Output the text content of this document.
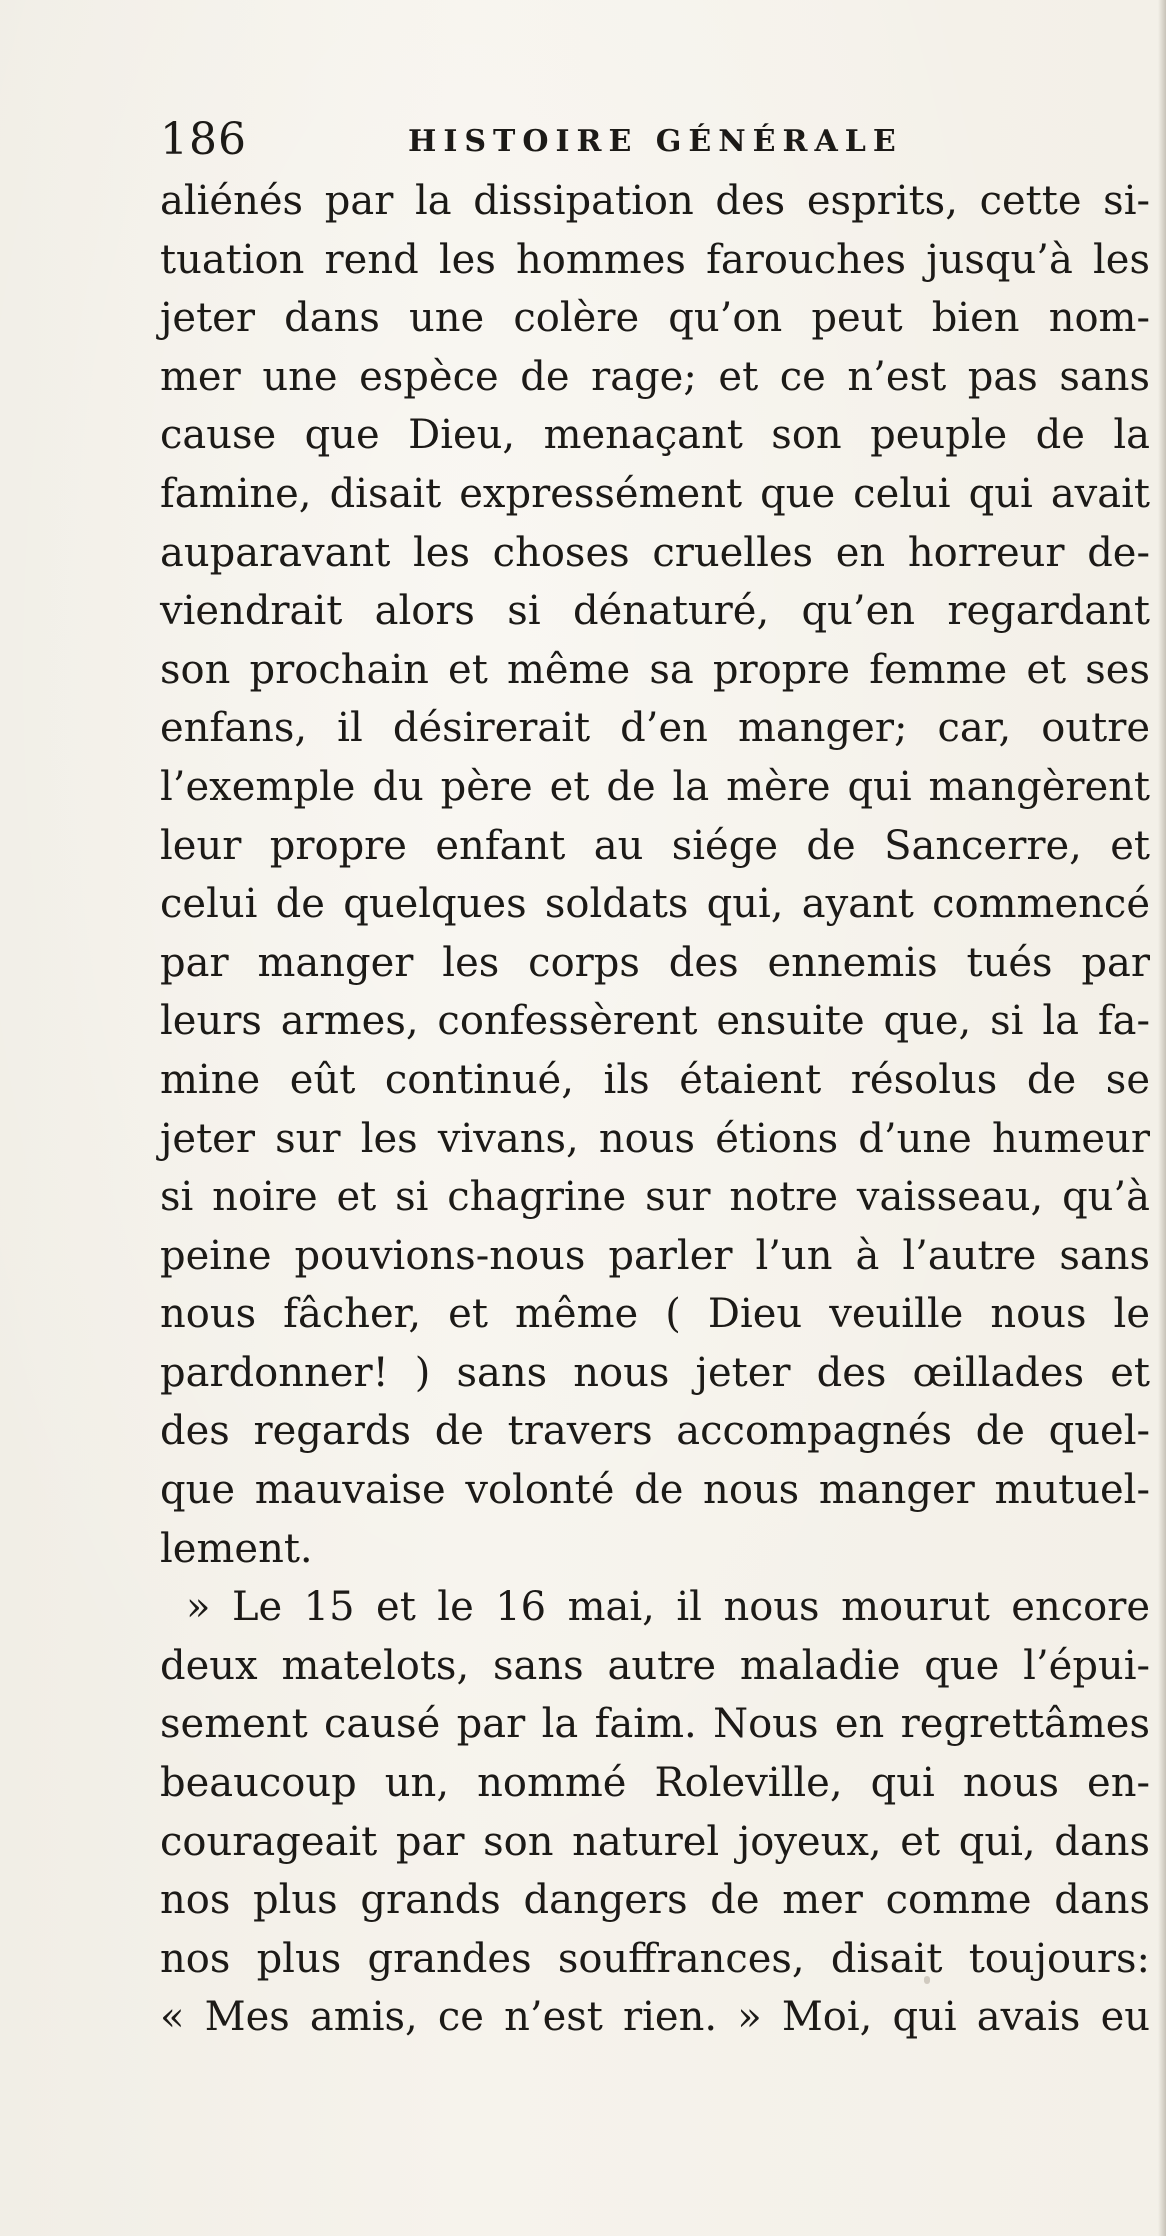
186	HISTOIRE GÉNÉRALE
aliénés par la dissipation des esprits, cette si-
tuation rend les hommes farouches jusqu’à les
jeter dans une colère qu’on peut bien nom-
mer une espèce de rage; et ce n’est pas sans
cause que Dieu, menaçant son peuple de la
famine, disait expressément que celui qui avait
auparavant les choses cruelles en horreur de-
viendrait alors si dénaturé, qu’en regardant
son prochain et même sa propre femme et ses
enfans, il désirerait d’en manger; car, outre
l’exemple du père et de la mère qui mangèrent
leur propre enfant au siége de Sancerre, et
celui de quelques soldats qui, ayant commencé
par manger les corps des ennemis tués par
leurs armes, confessèrent ensuite que, si la fa-
mine eût continué, ils étaient résolus de se
jeter sur les vivans, nous étions d’une humeur
si noire et si chagrine sur notre vaisseau, qu’à
peine pouvions-nous parler l’un à l’autre sans
nous fâcher, et même ( Dieu veuille nous le
pardonner! ) sans nous jeter des œillades et
des regards de travers accompagnés de quel-
que mauvaise volonté de nous manger mutuel-
lement.
» Le 15 et le 16 mai, il nous mourut encore
deux matelots, sans autre maladie que l’épui-
sement causé par la faim. Nous en regrettâmes
beaucoup un, nommé Roleville, qui nous en-
courageait par son naturel joyeux, et qui, dans
nos plus grands dangers de mer comme dans
nos plus grandes souffrances, disait toujours:
« Mes amis, ce n’est rien. » Moi, qui avais eu
